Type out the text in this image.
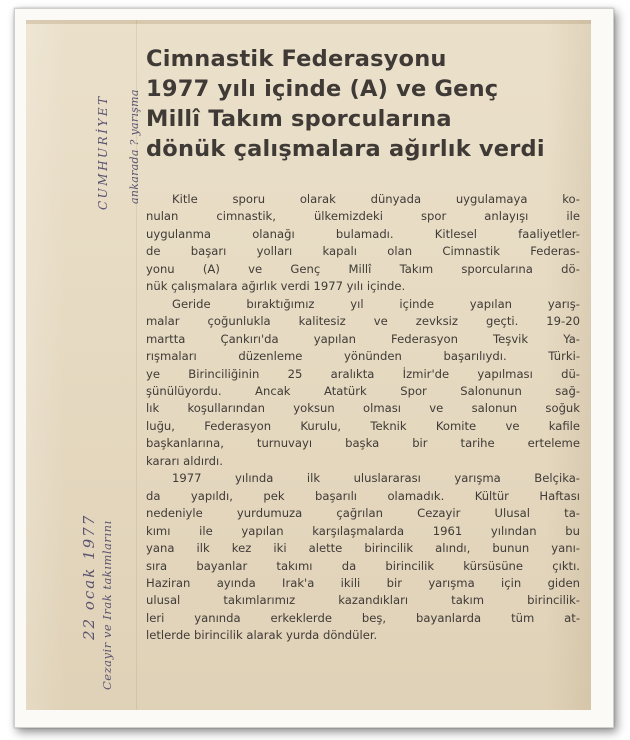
Cimnastik Federasyonu
1977 yılı içinde (A) ve Genç
Millî Takım sporcularına
dönük çalışmalara ağırlık verdi
Kitle sporu olarak dünyada uygulamaya ko-
nulan cimnastik, ülkemizdeki spor anlayışı ile
uygulanma olanağı bulamadı. Kitlesel faaliyetler-
de başarı yolları kapalı olan Cimnastik Federas-
yonu (A) ve Genç Millî Takım sporcularına dö-
nük çalışmalara ağırlık verdi 1977 yılı içinde.
Geride bıraktığımız yıl içinde yapılan yarış-
malar çoğunlukla kalitesiz ve zevksiz geçti. 19-20
martta Çankırı'da yapılan Federasyon Teşvik Ya-
rışmaları düzenleme yönünden başarılıydı. Türki-
ye Birinciliğinin 25 aralıkta İzmir'de yapılması dü-
şünülüyordu. Ancak Atatürk Spor Salonunun sağ-
lık koşullarından yoksun olması ve salonun soğuk
luğu, Federasyon Kurulu, Teknik Komite ve kafile
başkanlarına, turnuvayı başka bir tarihe erteleme
kararı aldırdı.
1977 yılında ilk uluslararası yarışma Belçika-
da yapıldı, pek başarılı olamadık. Kültür Haftası
nedeniyle yurdumuza çağrılan Cezayir Ulusal ta-
kımı ile yapılan karşılaşmalarda 1961 yılından bu
yana ilk kez iki alette birincilik alındı, bunun yanı-
sıra bayanlar takımı da birincilik kürsüsüne çıktı.
Haziran ayında Irak'a ikili bir yarışma için giden
ulusal takımlarımız kazandıkları takım birincilik-
leri yanında erkeklerde beş, bayanlarda tüm at-
letlerde birincilik alarak yurda döndüler.
CUMHURİYET ankarada ? yarışma
22 ocak 1977 Cezayir ve Irak takımlarını
